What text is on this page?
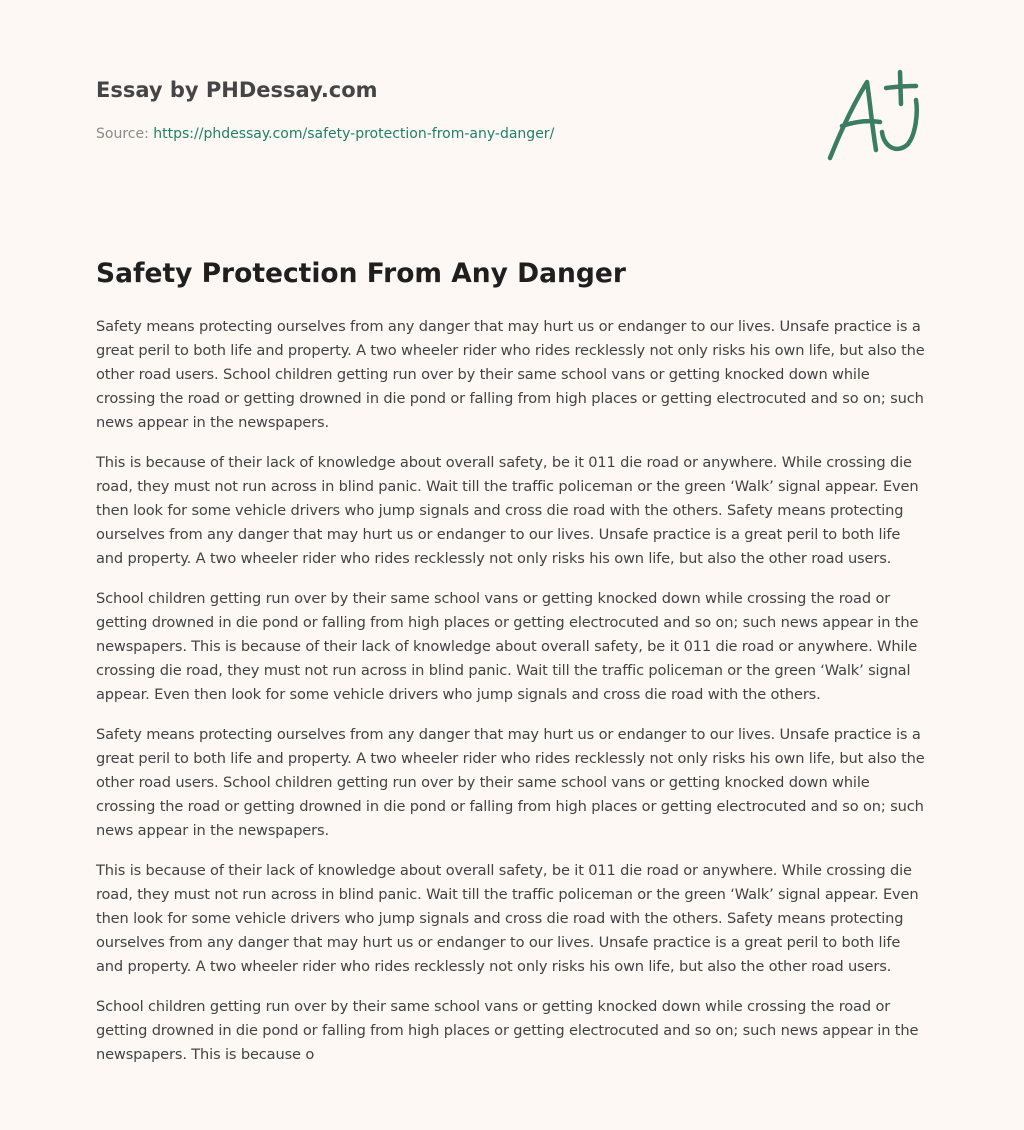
Essay by PHDessay.com

Source: https://phdessay.com/safety-protection-from-any-danger/
Safety Protection From Any Danger

Safety means protecting ourselves from any danger that may hurt us or endanger to our lives. Unsafe practice is a great peril to both life and property. A two wheeler rider who rides recklessly not only risks his own life, but also the other road users. School children getting run over by their same school vans or getting knocked down while crossing the road or getting drowned in die pond or falling from high places or getting electrocuted and so on; such news appear in the newspapers.

This is because of their lack of knowledge about overall safety, be it 011 die road or anywhere. While crossing die road, they must not run across in blind panic. Wait till the traffic policeman or the green ‘Walk’ signal appear. Even then look for some vehicle drivers who jump signals and cross die road with the others. Safety means protecting ourselves from any danger that may hurt us or endanger to our lives. Unsafe practice is a great peril to both life and property. A two wheeler rider who rides recklessly not only risks his own life, but also the other road users.

School children getting run over by their same school vans or getting knocked down while crossing the road or getting drowned in die pond or falling from high places or getting electrocuted and so on; such news appear in the newspapers. This is because of their lack of knowledge about overall safety, be it 011 die road or anywhere. While crossing die road, they must not run across in blind panic. Wait till the traffic policeman or the green ‘Walk’ signal appear. Even then look for some vehicle drivers who jump signals and cross die road with the others.

Safety means protecting ourselves from any danger that may hurt us or endanger to our lives. Unsafe practice is a great peril to both life and property. A two wheeler rider who rides recklessly not only risks his own life, but also the other road users. School children getting run over by their same school vans or getting knocked down while crossing the road or getting drowned in die pond or falling from high places or getting electrocuted and so on; such news appear in the newspapers.

This is because of their lack of knowledge about overall safety, be it 011 die road or anywhere. While crossing die road, they must not run across in blind panic. Wait till the traffic policeman or the green ‘Walk’ signal appear. Even then look for some vehicle drivers who jump signals and cross die road with the others. Safety means protecting ourselves from any danger that may hurt us or endanger to our lives. Unsafe practice is a great peril to both life and property. A two wheeler rider who rides recklessly not only risks his own life, but also the other road users.

School children getting run over by their same school vans or getting knocked down while crossing the road or getting drowned in die pond or falling from high places or getting electrocuted and so on; such news appear in the newspapers. This is because o
